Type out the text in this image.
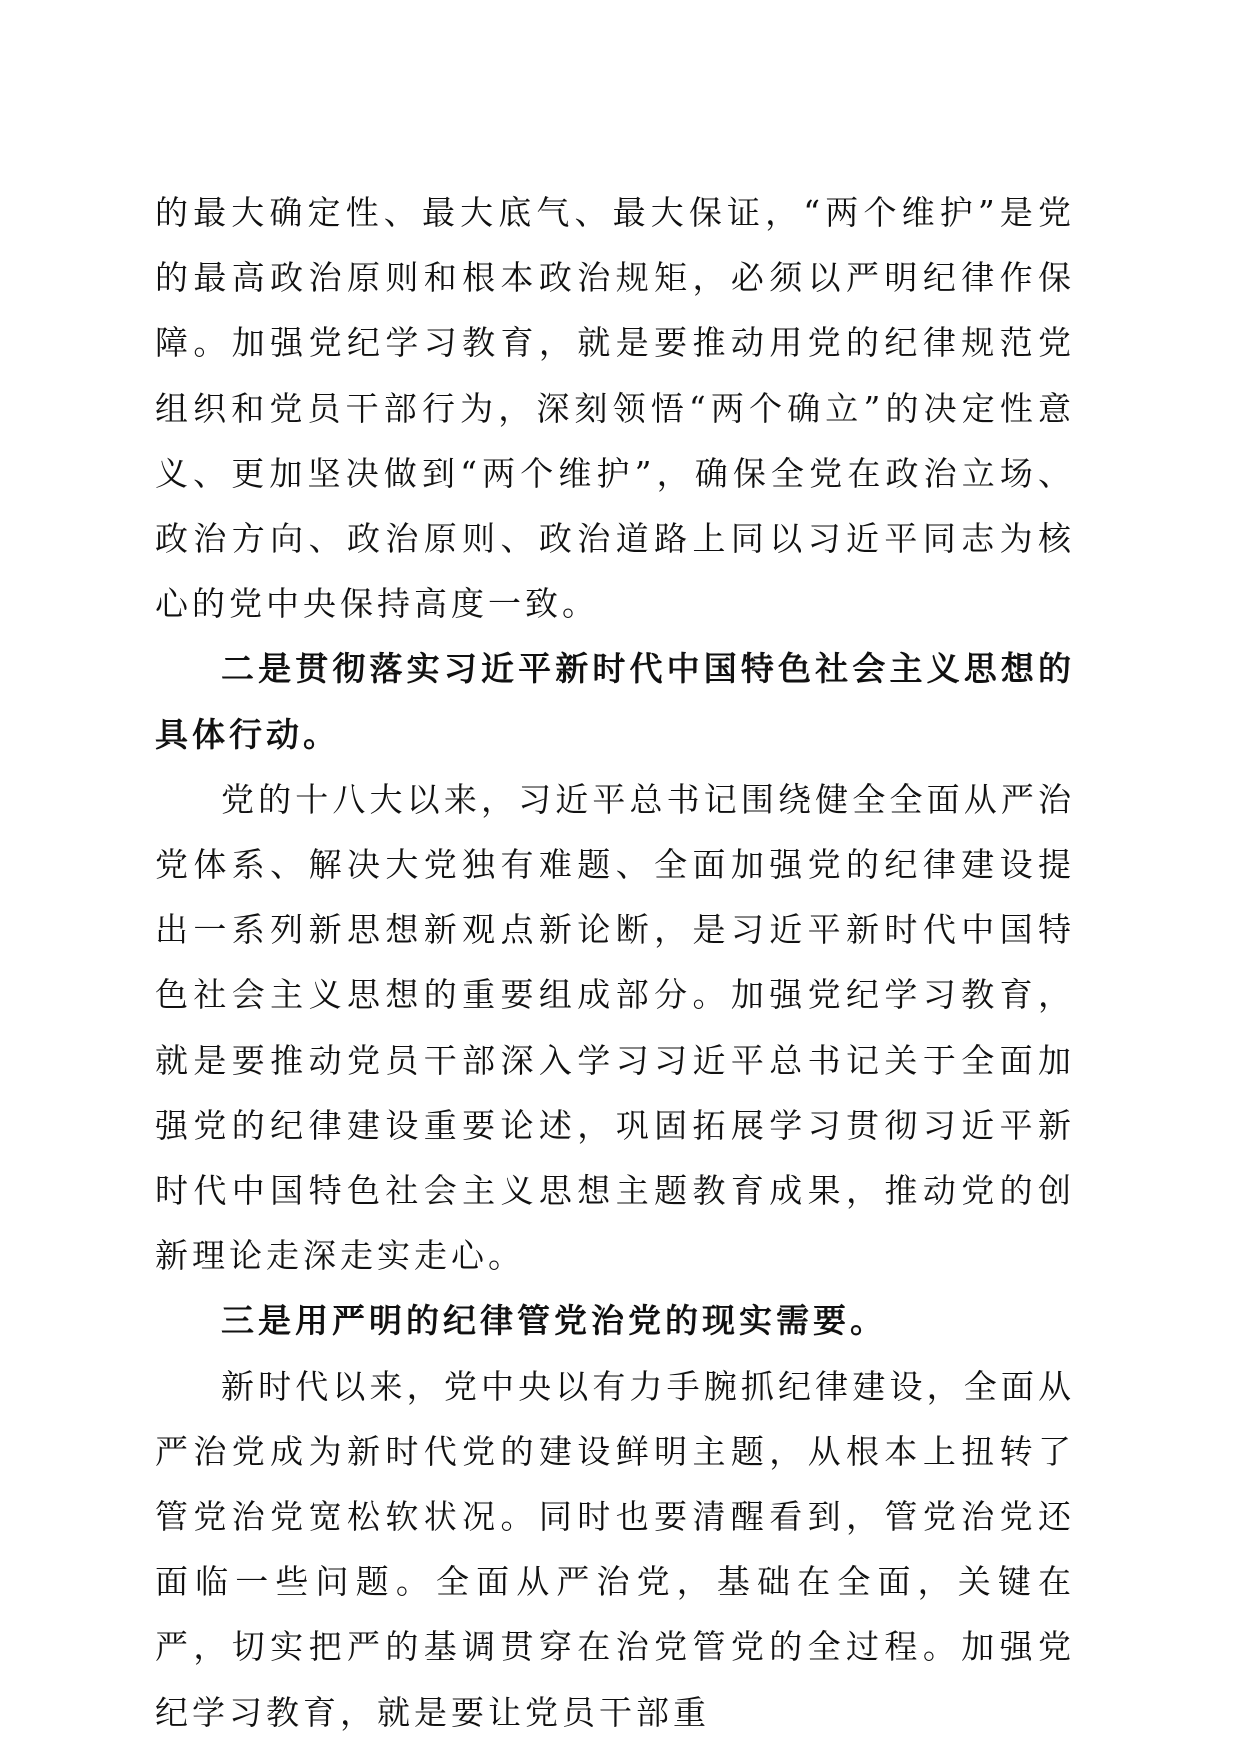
的最大确定性、最大底气、最大保证，“两个维护”是党的最高政治原则和根本政治规矩，必须以严明纪律作保障。加强党纪学习教育，就是要推动用党的纪律规范党组织和党员干部行为，深刻领悟“两个确立”的决定性意义、更加坚决做到“两个维护”，确保全党在政治立场、政治方向、政治原则、政治道路上同以习近平同志为核心的党中央保持高度一致。

二是贯彻落实习近平新时代中国特色社会主义思想的具体行动。

党的十八大以来，习近平总书记围绕健全全面从严治党体系、解决大党独有难题、全面加强党的纪律建设提出一系列新思想新观点新论断，是习近平新时代中国特色社会主义思想的重要组成部分。加强党纪学习教育，就是要推动党员干部深入学习习近平总书记关于全面加强党的纪律建设重要论述，巩固拓展学习贯彻习近平新时代中国特色社会主义思想主题教育成果，推动党的创新理论走深走实走心。

三是用严明的纪律管党治党的现实需要。

新时代以来，党中央以有力手腕抓纪律建设，全面从严治党成为新时代党的建设鲜明主题，从根本上扭转了管党治党宽松软状况。同时也要清醒看到，管党治党还面临一些问题。全面从严治党，基础在全面，关键在严，切实把严的基调贯穿在治党管党的全过程。加强党纪学习教育，就是要让党员干部重
